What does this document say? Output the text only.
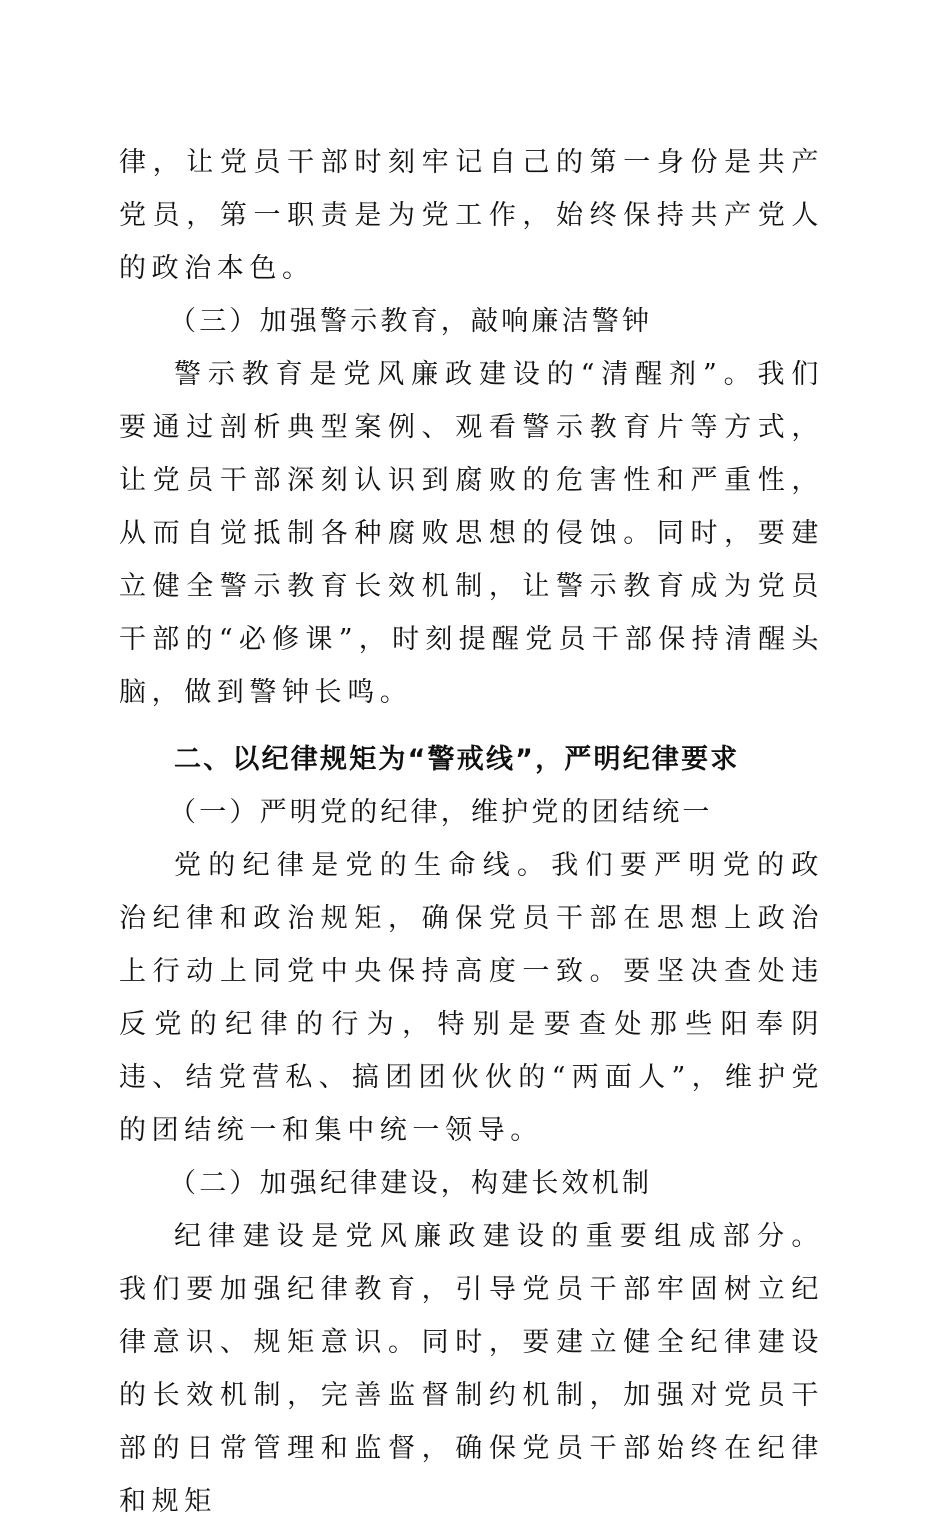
律，让党员干部时刻牢记自己的第一身份是共产党员，第一职责是为党工作，始终保持共产党人的政治本色。

（三）加强警示教育，敲响廉洁警钟

警示教育是党风廉政建设的“清醒剂”。我们要通过剖析典型案例、观看警示教育片等方式，让党员干部深刻认识到腐败的危害性和严重性，从而自觉抵制各种腐败思想的侵蚀。同时，要建立健全警示教育长效机制，让警示教育成为党员干部的“必修课”，时刻提醒党员干部保持清醒头脑，做到警钟长鸣。

二、以纪律规矩为“警戒线”，严明纪律要求

（一）严明党的纪律，维护党的团结统一

党的纪律是党的生命线。我们要严明党的政治纪律和政治规矩，确保党员干部在思想上政治上行动上同党中央保持高度一致。要坚决查处违反党的纪律的行为，特别是要查处那些阳奉阴违、结党营私、搞团团伙伙的“两面人”，维护党的团结统一和集中统一领导。

（二）加强纪律建设，构建长效机制

纪律建设是党风廉政建设的重要组成部分。我们要加强纪律教育，引导党员干部牢固树立纪律意识、规矩意识。同时，要建立健全纪律建设的长效机制，完善监督制约机制，加强对党员干部的日常管理和监督，确保党员干部始终在纪律和规矩
